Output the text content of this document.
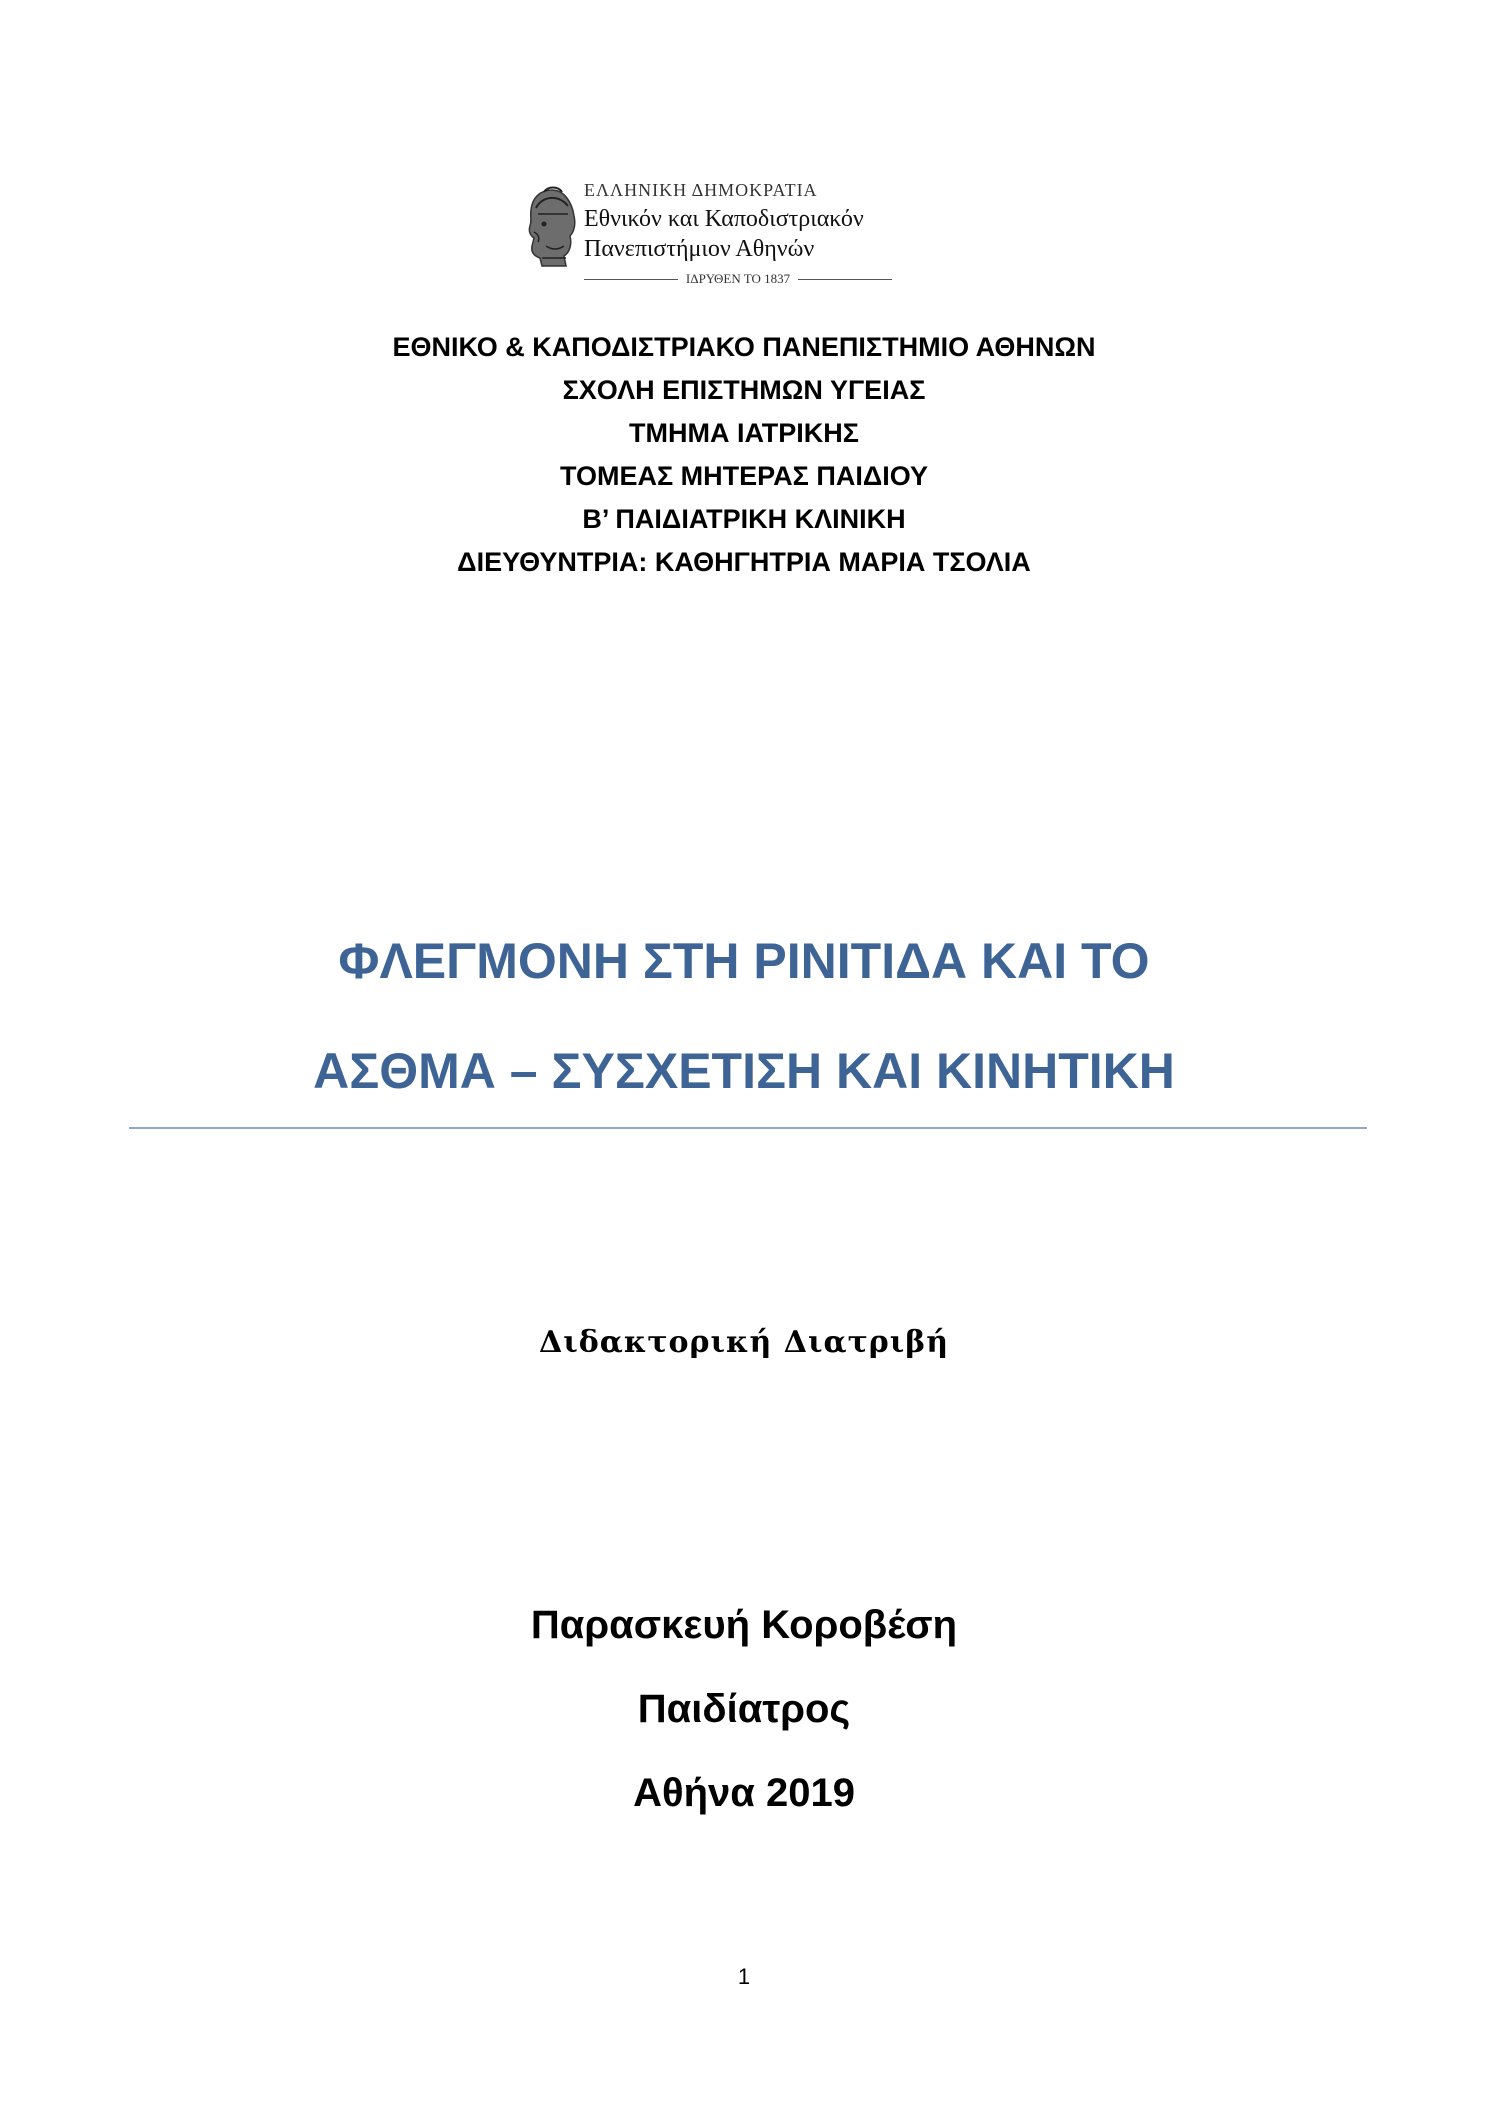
ΕΛΛΗΝΙΚΗ ΔΗΜΟΚΡΑΤΙΑ
Εθνικόν και Καποδιστριακόν
Πανεπιστήμιον Αθηνών
ΙΔΡΥΘΕΝ ΤΟ 1837
ΕΘΝΙΚΟ & ΚΑΠΟΔΙΣΤΡΙΑΚΟ ΠΑΝΕΠΙΣΤΗΜΙΟ ΑΘΗΝΩΝ
ΣΧΟΛΗ ΕΠΙΣΤΗΜΩΝ ΥΓΕΙΑΣ
ΤΜΗΜΑ ΙΑΤΡΙΚΗΣ
ΤΟΜΕΑΣ ΜΗΤΕΡΑΣ ΠΑΙΔΙΟΥ
Β’ ΠΑΙΔΙΑΤΡΙΚΗ ΚΛΙΝΙΚΗ
ΔΙΕΥΘΥΝΤΡΙΑ: ΚΑΘΗΓΗΤΡΙΑ ΜΑΡΙΑ ΤΣΟΛΙΑ
ΦΛΕΓΜΟΝΗ ΣΤΗ ΡΙΝΙΤΙΔΑ ΚΑΙ ΤΟ
ΑΣΘΜΑ – ΣΥΣΧΕΤΙΣΗ ΚΑΙ ΚΙΝΗΤΙΚΗ
Διδακτορική Διατριβή
Παρασκευή Κοροβέση
Παιδίατρος
Αθήνα 2019
1
